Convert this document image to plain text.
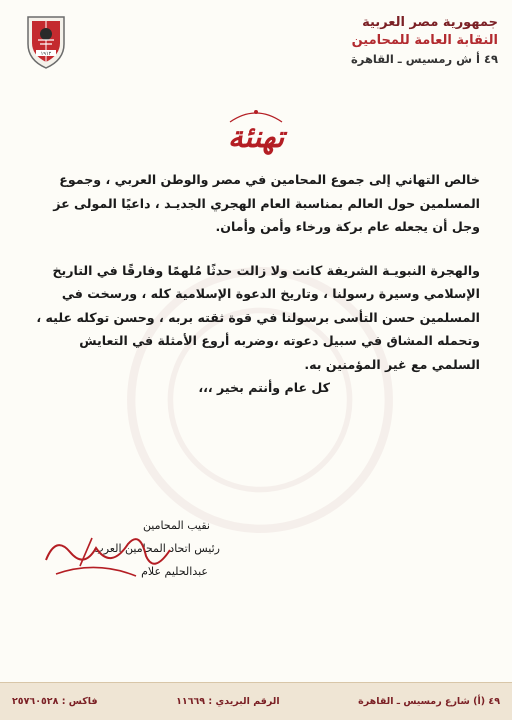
١٩١٢
جمهورية مصر العربية
النقابة العامة للمحامين
٤٩ أ ش رمسيس ـ القاهرة
تهنئة

خالص التهاني إلى جموع المحامين في مصر والوطن العربي ، وجموع المسلمين حول العالم بمناسبة العام الهجري الجديـد ، داعيًا المولى عز وجل أن يجعله عام بركة ورخاء وأمن وأمان.

والهجرة النبويـة الشريفة كانت ولا زالت حدثًا مُلهمًا وفارقًا في التاريخ الإسلامي وسيرة رسولنا ، وتاريخ الدعوة الإسلامية كله ، ورسخت في المسلمين حسن التأسى برسولنا في قوة ثقته بربه ، وحسن توكله عليه ، وتحمله المشاق في سبيل دعوته ،وضربه أروع الأمثلة في التعايش السلمي مع غير المؤمنين به.

كل عام وأنتم بخير ،،،

نقيب المحامين

رئيس اتحاد المحامين العرب

عبدالحليم علام

٤٩ (أ) شارع رمسيس ـ القاهرة
الرقم البريدي : ١١٦٦٩
فاكس : ٢٥٧٦٠٥٢٨
